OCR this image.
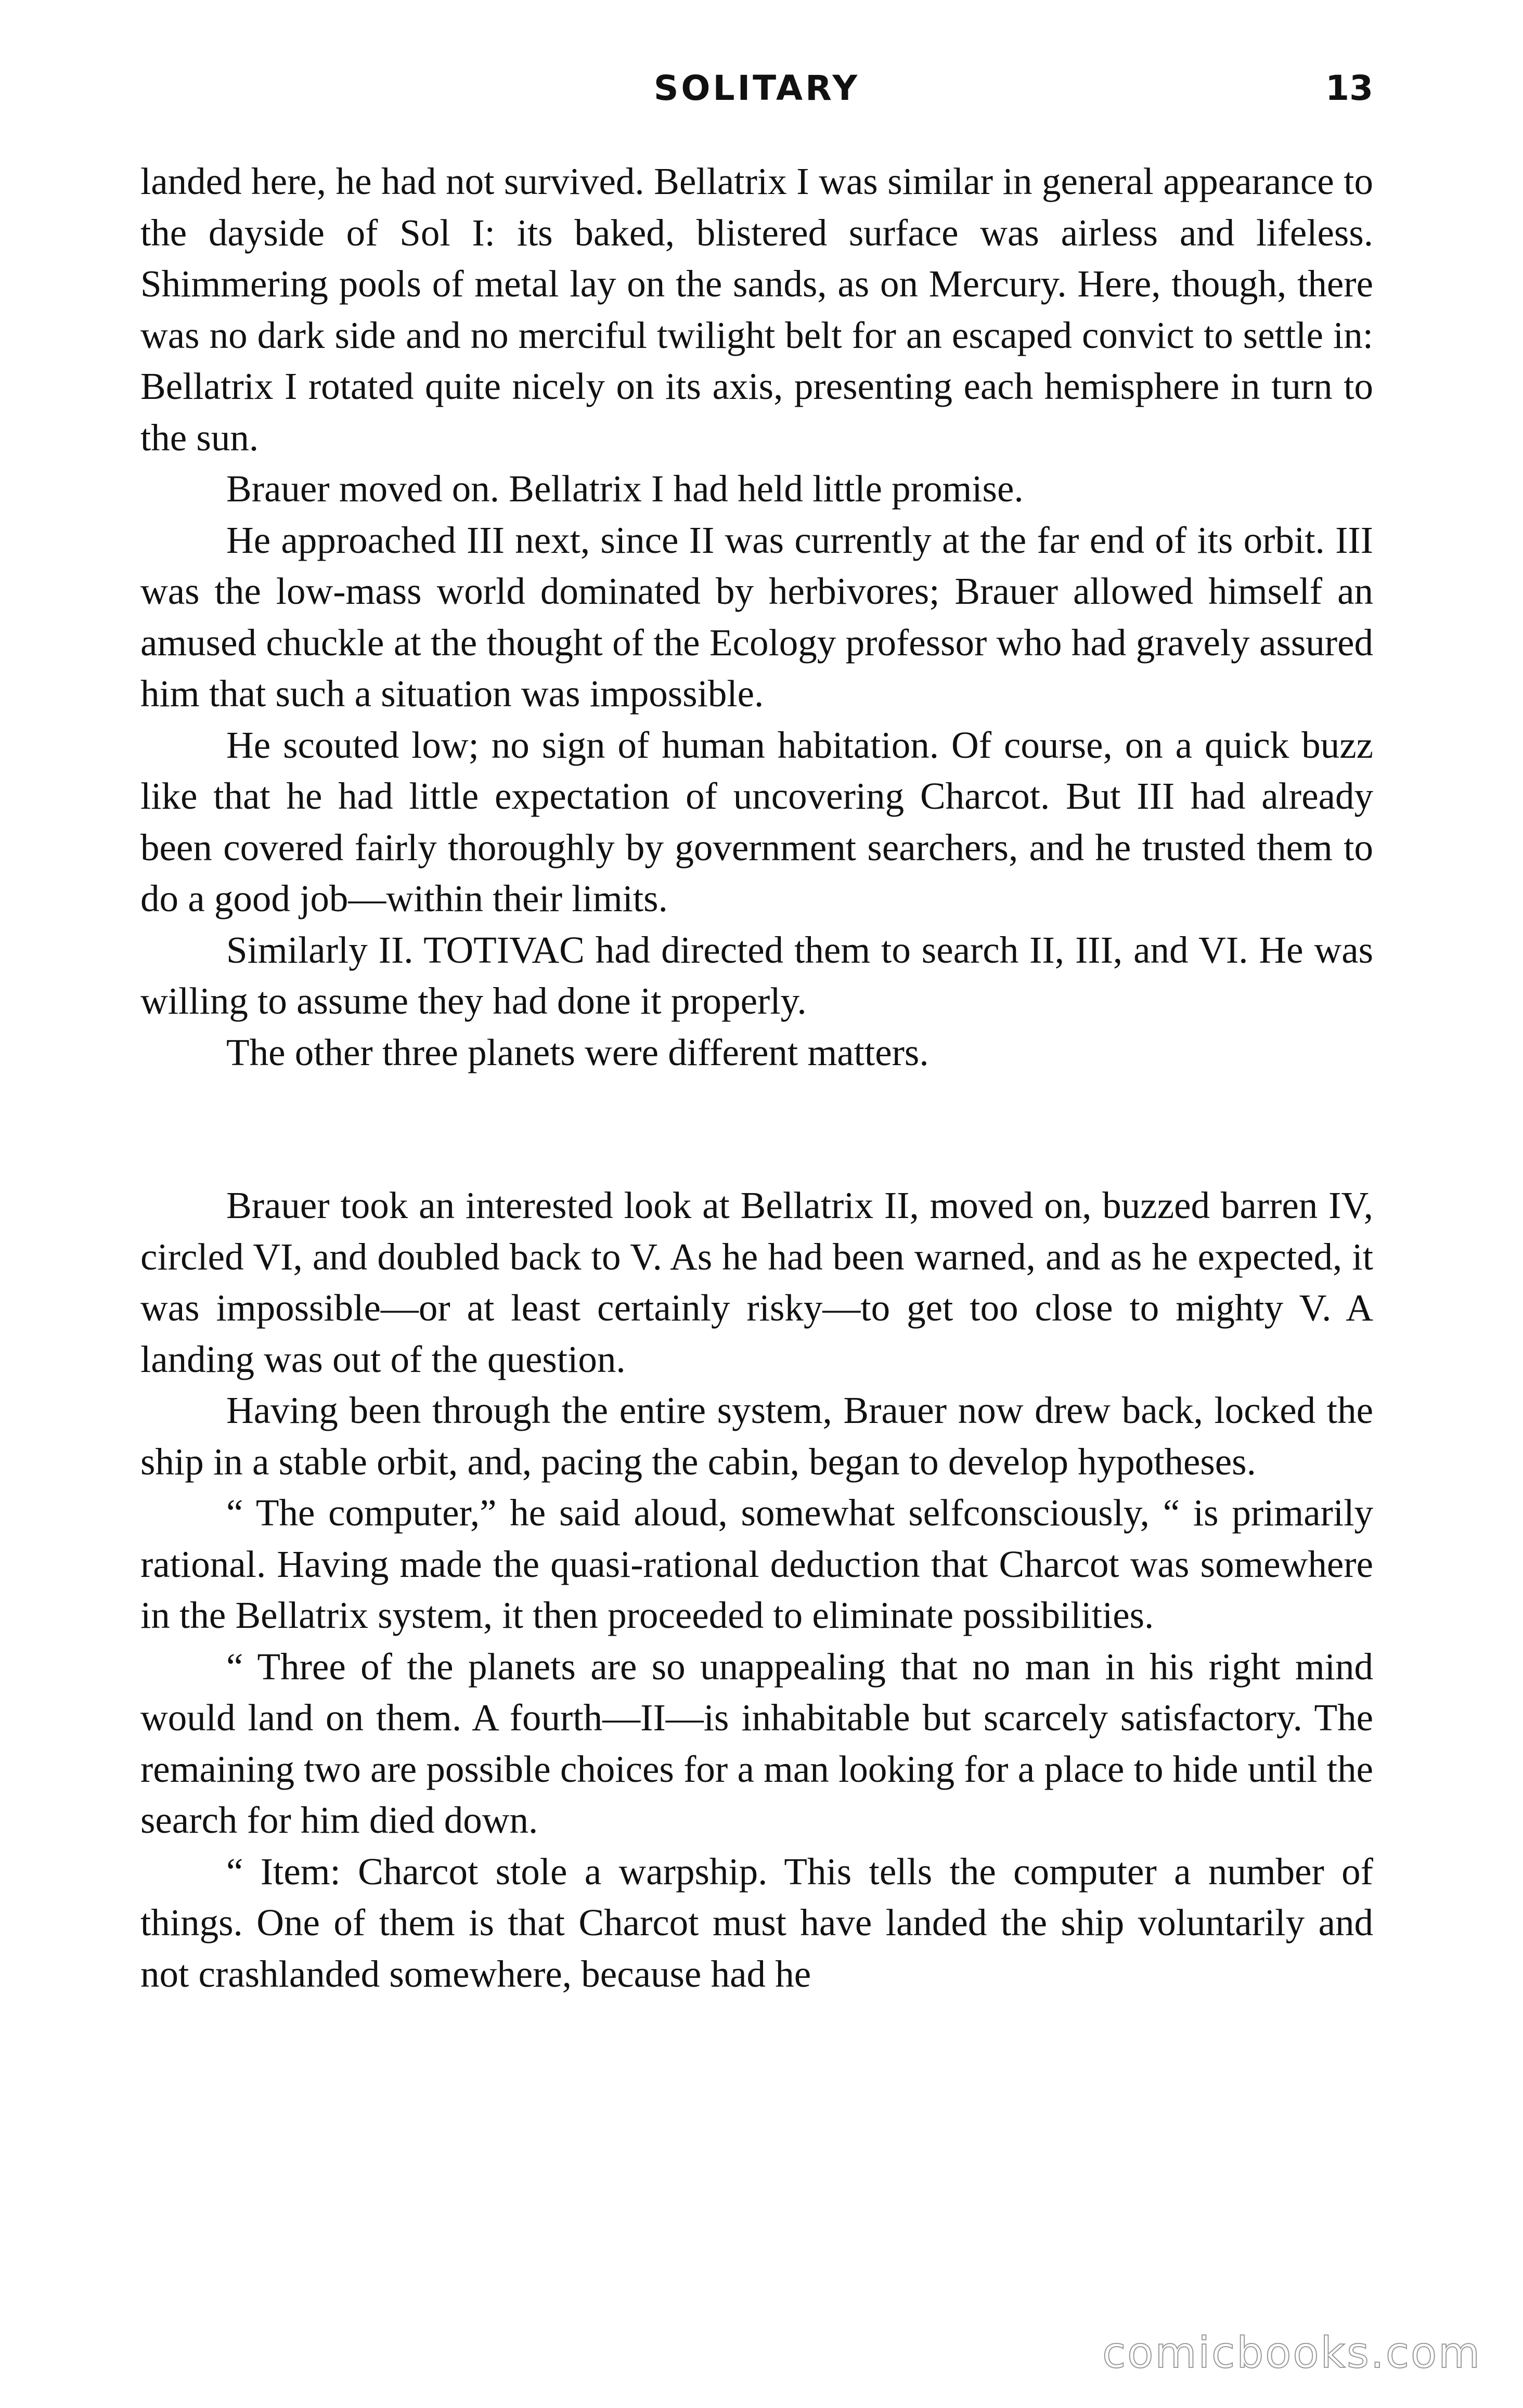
SOLITARY	13

landed here, he had not survived. Bellatrix I was similar in general appearance to the dayside of Sol I: its baked, blistered surface was airless and lifeless. Shimmering pools of metal lay on the sands, as on Mercury. Here, though, there was no dark side and no merciful twilight belt for an escaped convict to settle in: Bellatrix I rotated quite nicely on its axis, presenting each hemisphere in turn to the sun.

Brauer moved on. Bellatrix I had held little promise.

He approached III next, since II was currently at the far end of its orbit. III was the low-mass world dominated by herbivores; Brauer allowed himself an amused chuckle at the thought of the Ecology professor who had gravely assured him that such a situation was impossible.

He scouted low; no sign of human habitation. Of course, on a quick buzz like that he had little expectation of uncovering Charcot. But III had already been covered fairly thoroughly by government searchers, and he trusted them to do a good job—within their limits.

Similarly II. TOTIVAC had directed them to search II, III, and VI. He was willing to assume they had done it properly.

The other three planets were different matters.

Brauer took an interested look at Bellatrix II, moved on, buzzed barren IV, circled VI, and doubled back to V. As he had been warned, and as he expected, it was impossible—or at least certainly risky—to get too close to mighty V. A landing was out of the question.

Having been through the entire system, Brauer now drew back, locked the ship in a stable orbit, and, pacing the cabin, began to develop hypotheses.

“ The computer,” he said aloud, somewhat selfconsciously, “ is primarily rational. Having made the quasi-rational deduction that Charcot was somewhere in the Bellatrix system, it then proceeded to eliminate possibilities.

“ Three of the planets are so unappealing that no man in his right mind would land on them. A fourth—II—is inhabitable but scarcely satisfactory. The remaining two are possible choices for a man looking for a place to hide until the search for him died down.

“ Item: Charcot stole a warpship. This tells the computer a number of things. One of them is that Charcot must have landed the ship voluntarily and not crashlanded somewhere, because had he

comicbooks.com
